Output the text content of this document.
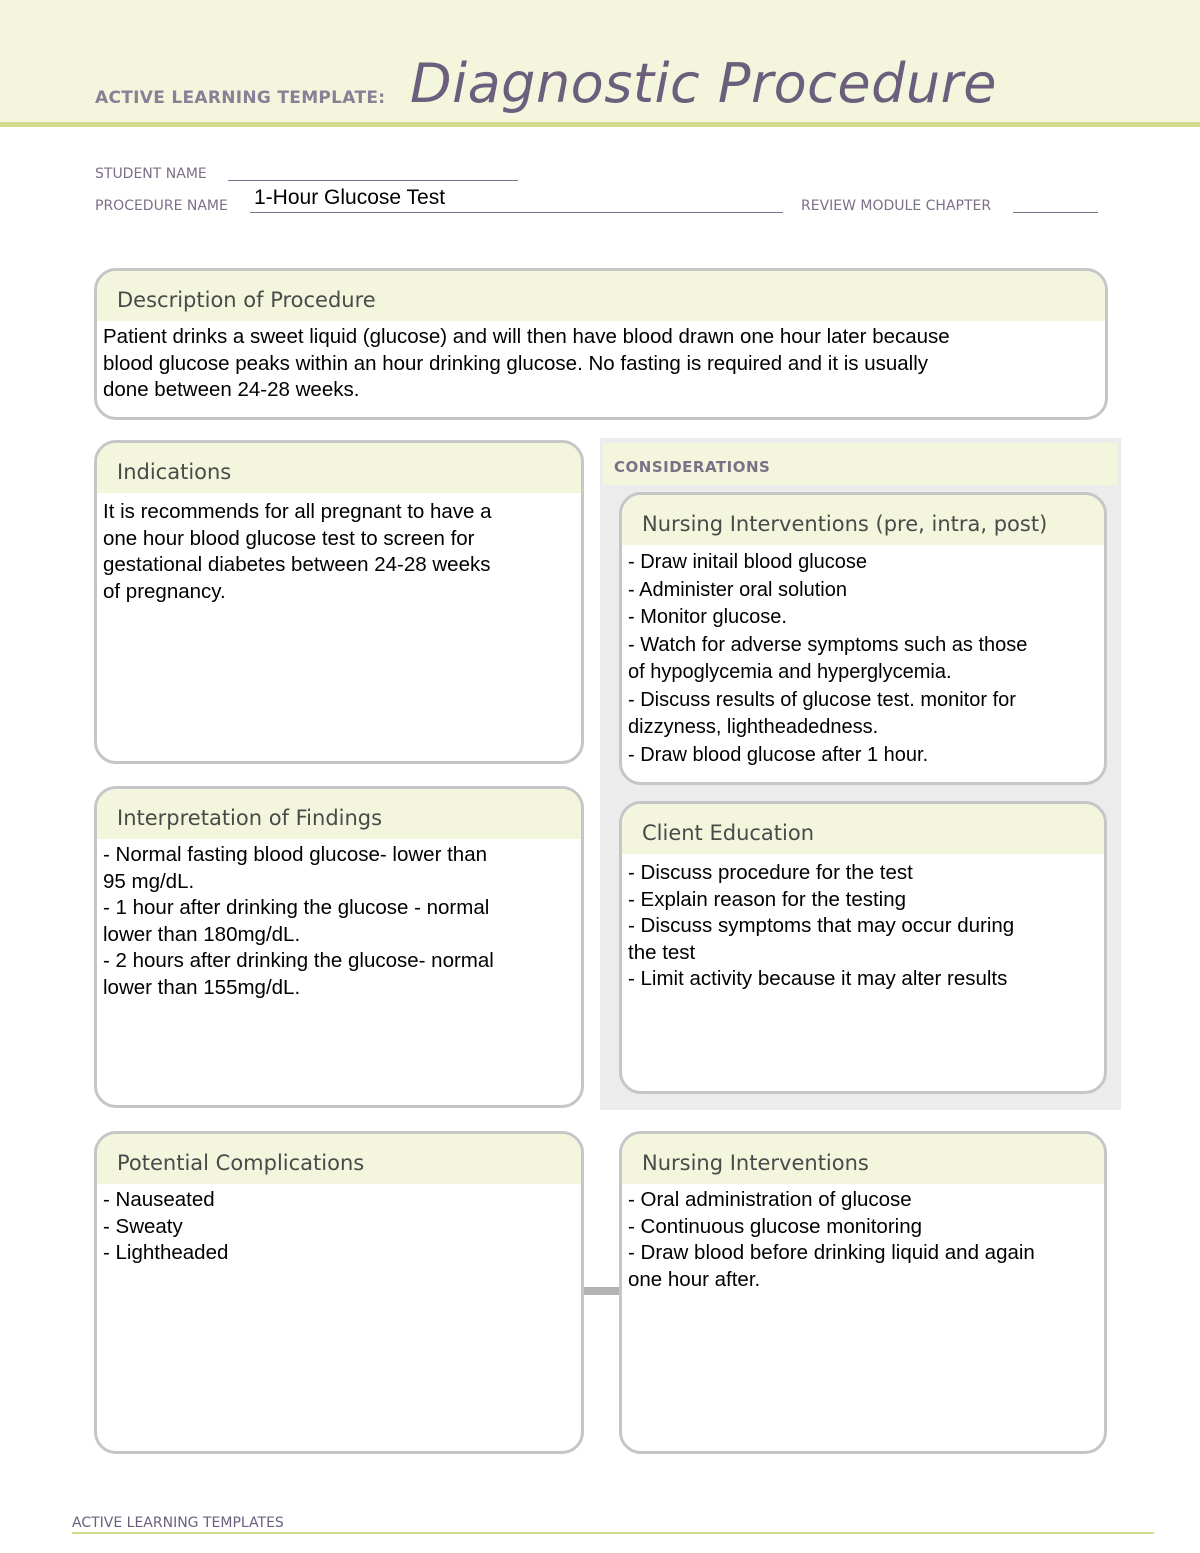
ACTIVE LEARNING TEMPLATE: Diagnostic Procedure
STUDENT NAME
PROCEDURE NAME 1-Hour Glucose Test	REVIEW MODULE CHAPTER
Description of Procedure
Patient drinks a sweet liquid (glucose) and will then have blood drawn one hour later because
blood glucose peaks within an hour drinking glucose. No fasting is required and it is usually
done between 24-28 weeks.
CONSIDERATIONS
Indications
It is recommends for all pregnant to have a
one hour blood glucose test to screen for
gestational diabetes between 24-28 weeks
of pregnancy.
Nursing Interventions (pre, intra, post)
- Draw initail blood glucose
- Administer oral solution
- Monitor glucose.
- Watch for adverse symptoms such as those
of hypoglycemia and hyperglycemia.
- Discuss results of glucose test. monitor for
dizzyness, lightheadedness.
- Draw blood glucose after 1 hour.
Interpretation of Findings
- Normal fasting blood glucose- lower than
95 mg/dL.
- 1 hour after drinking the glucose - normal
lower than 180mg/dL.
- 2 hours after drinking the glucose- normal
lower than 155mg/dL.
Client Education
- Discuss procedure for the test
- Explain reason for the testing
- Discuss symptoms that may occur during
the test
- Limit activity because it may alter results
Potential Complications
- Nauseated
- Sweaty
- Lightheaded
Nursing Interventions
- Oral administration of glucose
- Continuous glucose monitoring
- Draw blood before drinking liquid and again
one hour after.
ACTIVE LEARNING TEMPLATES
